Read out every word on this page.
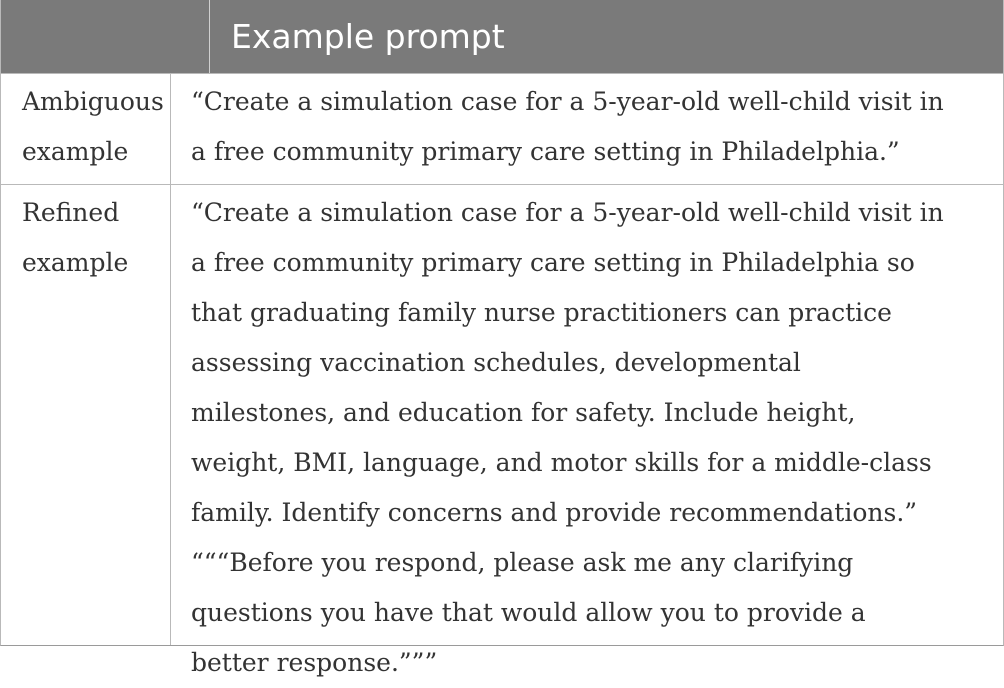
Example prompt
Ambiguous example

“Create a simulation case for a 5-year-old well-child visit in a free community primary care setting in Philadelphia.”

Refined example

“Create a simulation case for a 5-year-old well-child visit in a free community primary care setting in Philadelphia so that graduating family nurse practitioners can practice assessing vaccination schedules, developmental milestones, and education for safety. Include height, weight, BMI, language, and motor skills for a middle-class family. Identify concerns and provide recommendations.”

“““Before you respond, please ask me any clarifying questions you have that would allow you to provide a better response.”””
